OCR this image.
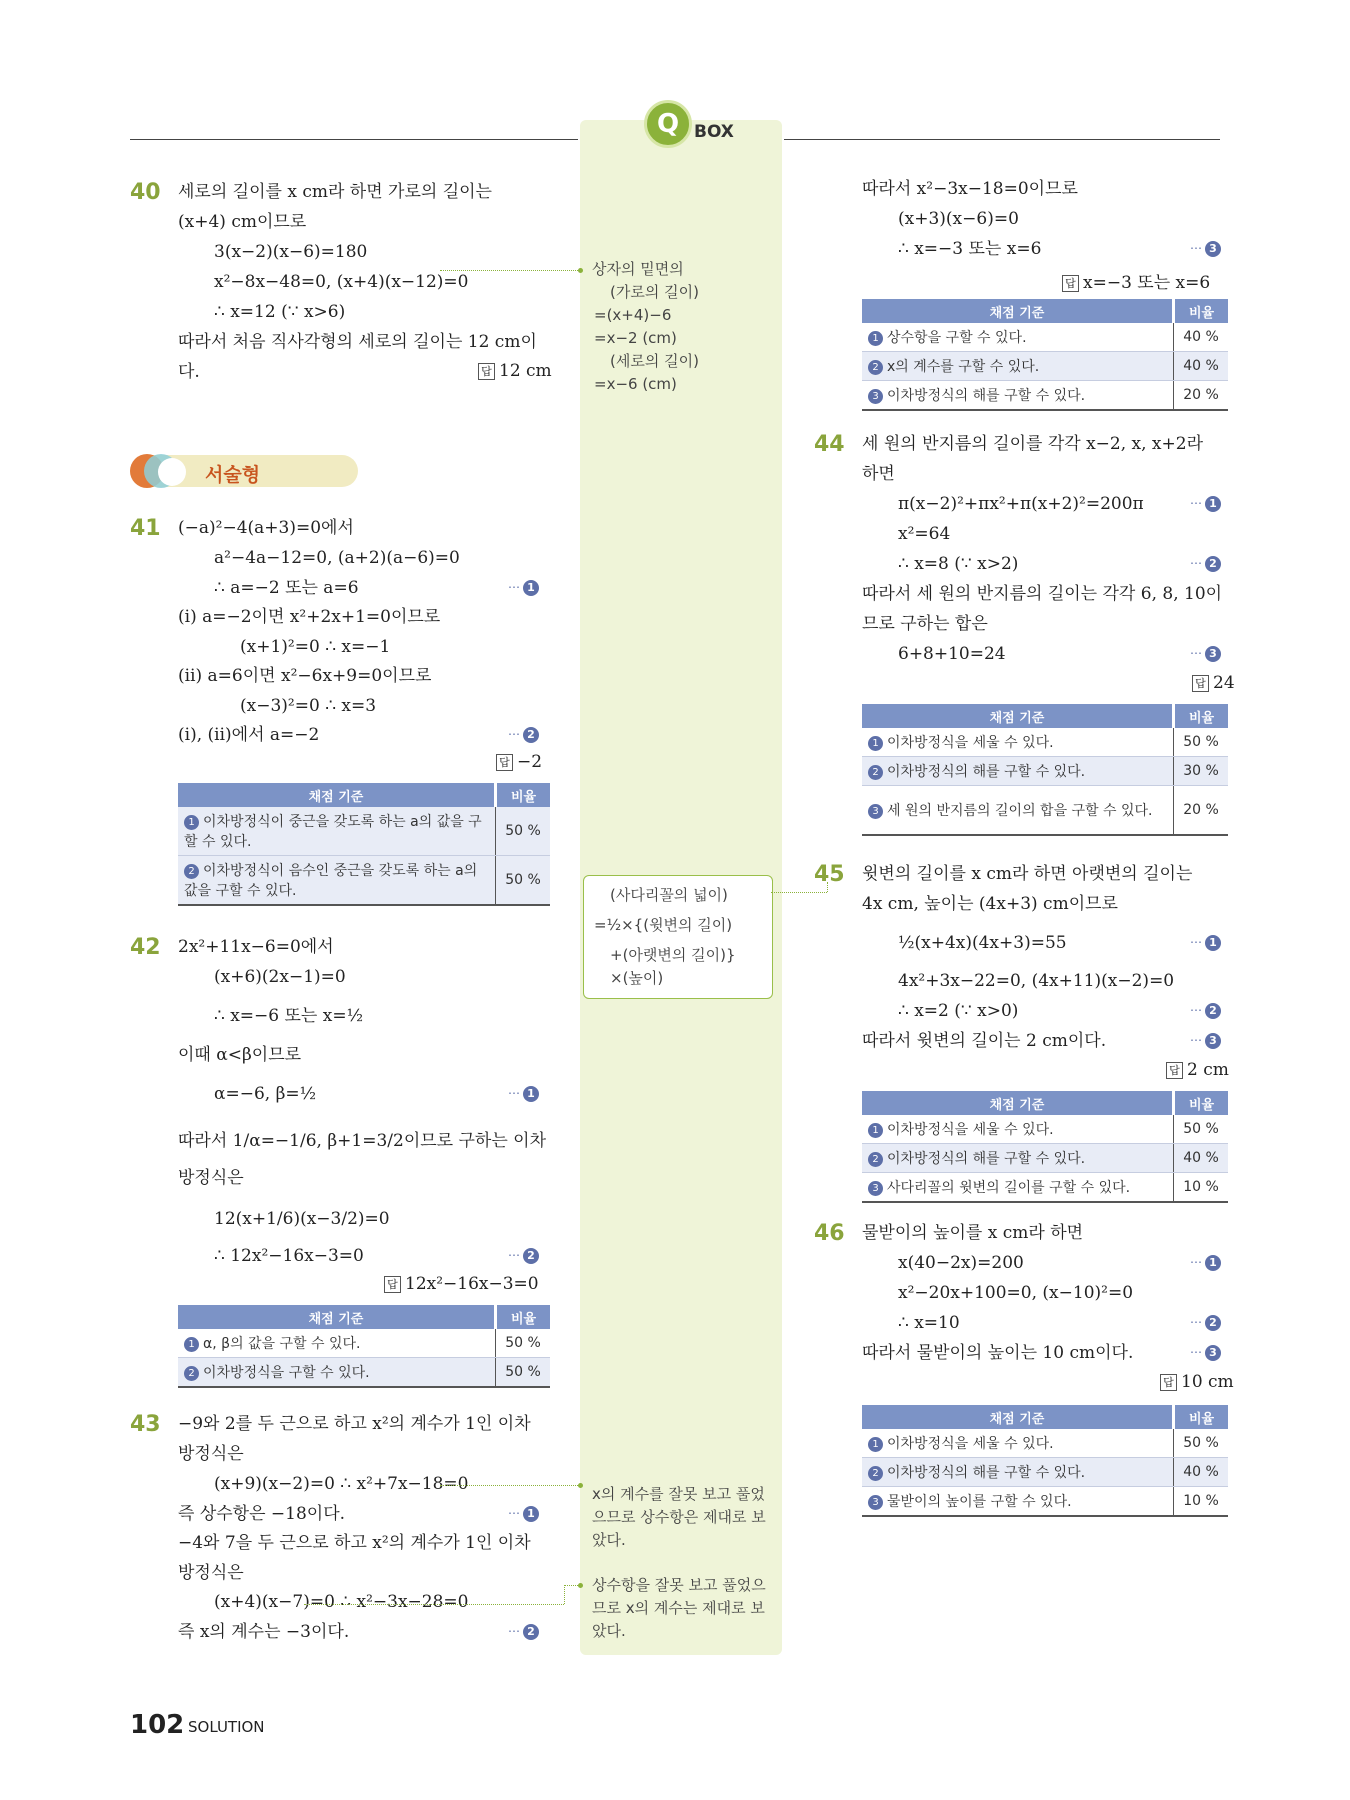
Q BOX
40 세로의 길이를 x cm라 하면 가로의 길이는
(x+4) cm이므로
3(x−2)(x−6)=180
x²−8x−48=0, (x+4)(x−12)=0
∴ x=12 (∵ x>6)
따라서 처음 직사각형의 세로의 길이는 12 cm이
다.	답 12 cm
상자의 밑면의
(가로의 길이)
=(x+4)−6
=x−2 (cm)
(세로의 길이)
=x−6 (cm)
서술형
41 (−a)²−4(a+3)=0에서
a²−4a−12=0, (a+2)(a−6)=0
∴ a=−2 또는 a=6	⋯ 1
(ⅰ) a=−2이면 x²+2x+1=0이므로
(x+1)²=0 ∴ x=−1
(ⅱ) a=6이면 x²−6x+9=0이므로
(x−3)²=0 ∴ x=3
(ⅰ), (ⅱ)에서 a=−2	⋯ 2
답 −2
채점 기준	비율
1 이차방정식이 중근을 갖도록 하는 a의 값을 구할 수 있다.	50 %
2 이차방정식이 음수인 중근을 갖도록 하는 a의 값을 구할 수 있다.	50 %
42 2x²+11x−6=0에서
(x+6)(2x−1)=0
∴ x=−6 또는 x=½
이때 α<β이므로
α=−6, β=½	⋯ 1
따라서 1/α=−1/6, β+1=3/2이므로 구하는 이차
방정식은
12(x+1/6)(x−3/2)=0
∴ 12x²−16x−3=0	⋯ 2
답 12x²−16x−3=0
채점 기준	비율
1 α, β의 값을 구할 수 있다.	50 %
2 이차방정식을 구할 수 있다.	50 %
43 −9와 2를 두 근으로 하고 x²의 계수가 1인 이차
방정식은
(x+9)(x−2)=0 ∴ x²+7x−18=0
즉 상수항은 −18이다.	⋯ 1
−4와 7을 두 근으로 하고 x²의 계수가 1인 이차
방정식은
(x+4)(x−7)=0 ∴ x²−3x−28=0
즉 x의 계수는 −3이다.	⋯ 2
x의 계수를 잘못 보고 풀었
으므로 상수항은 제대로 보
았다.
상수항을 잘못 보고 풀었으
므로 x의 계수는 제대로 보
았다.
(사다리꼴의 넓이)
=½×{(윗변의 길이)
+(아랫변의 길이)}
×(높이)
따라서 x²−3x−18=0이므로
(x+3)(x−6)=0
∴ x=−3 또는 x=6	⋯ 3
답 x=−3 또는 x=6
채점 기준	비율
1 상수항을 구할 수 있다.	40 %
2 x의 계수를 구할 수 있다.	40 %
3 이차방정식의 해를 구할 수 있다.	20 %
44 세 원의 반지름의 길이를 각각 x−2, x, x+2라
하면
π(x−2)²+πx²+π(x+2)²=200π	⋯ 1
x²=64
∴ x=8 (∵ x>2)	⋯ 2
따라서 세 원의 반지름의 길이는 각각 6, 8, 10이
므로 구하는 합은
6+8+10=24	⋯ 3
답 24
채점 기준	비율
1 이차방정식을 세울 수 있다.	50 %
2 이차방정식의 해를 구할 수 있다.	30 %
3 세 원의 반지름의 길이의 합을 구할 수 있다.	20 %
45 윗변의 길이를 x cm라 하면 아랫변의 길이는
4x cm, 높이는 (4x+3) cm이므로
½(x+4x)(4x+3)=55	⋯ 1
4x²+3x−22=0, (4x+11)(x−2)=0
∴ x=2 (∵ x>0)	⋯ 2
따라서 윗변의 길이는 2 cm이다.	⋯ 3
답 2 cm
채점 기준	비율
1 이차방정식을 세울 수 있다.	50 %
2 이차방정식의 해를 구할 수 있다.	40 %
3 사다리꼴의 윗변의 길이를 구할 수 있다.	10 %
46 물받이의 높이를 x cm라 하면
x(40−2x)=200	⋯ 1
x²−20x+100=0, (x−10)²=0
∴ x=10	⋯ 2
따라서 물받이의 높이는 10 cm이다.	⋯ 3
답 10 cm
채점 기준	비율
1 이차방정식을 세울 수 있다.	50 %
2 이차방정식의 해를 구할 수 있다.	40 %
3 물받이의 높이를 구할 수 있다.	10 %
102 SOLUTION
